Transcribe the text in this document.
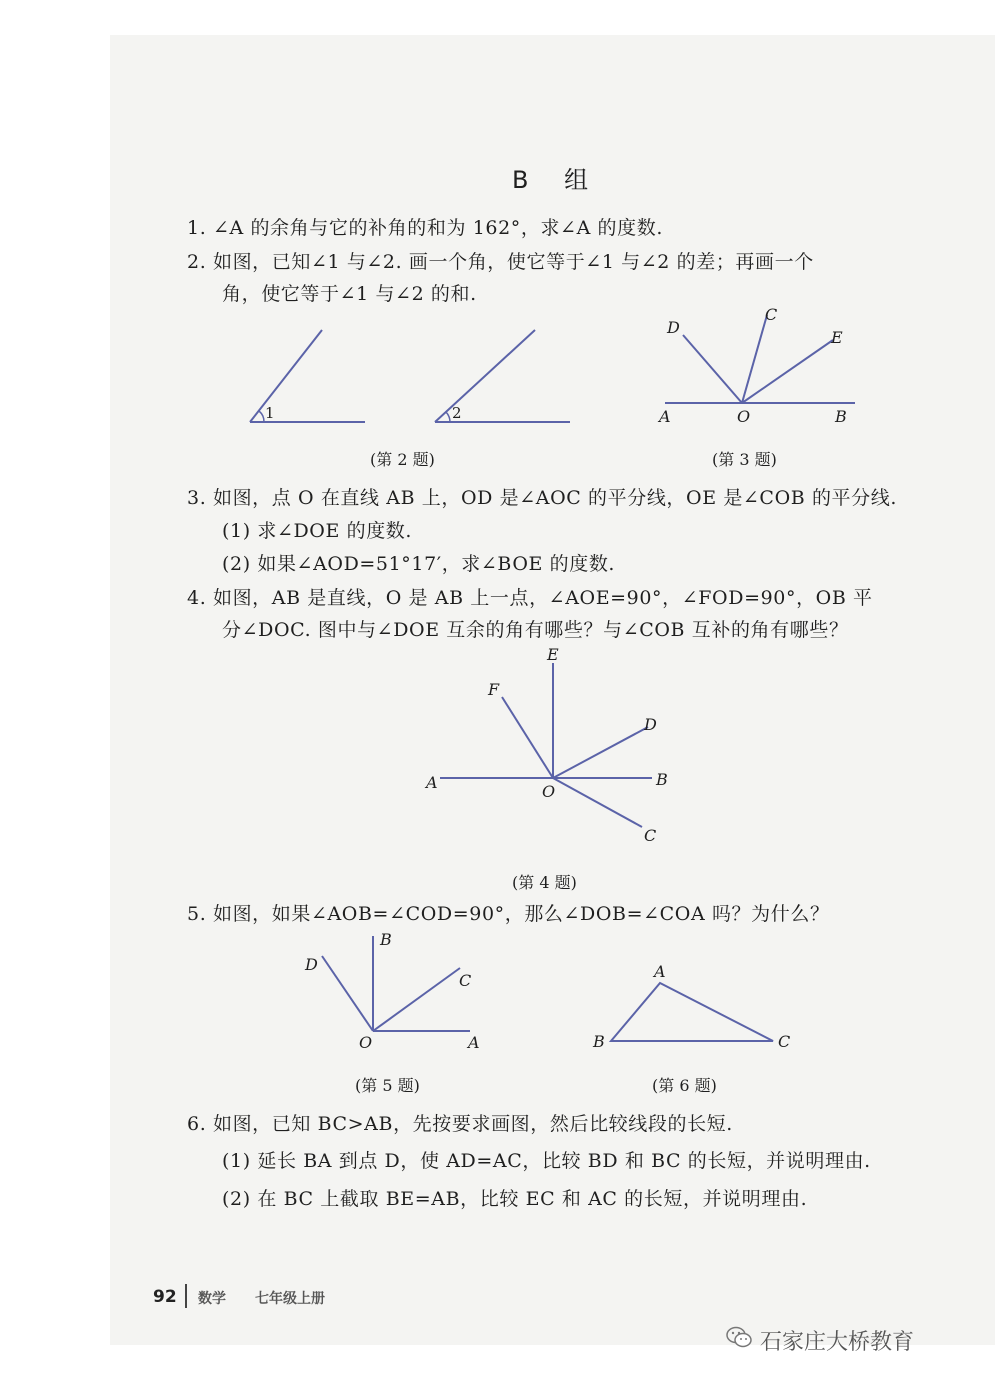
B 组
1. ∠A 的余角与它的补角的和为 162°，求∠A 的度数.
2. 如图，已知∠1 与∠2. 画一个角，使它等于∠1 与∠2 的差；再画一个
角，使它等于∠1 与∠2 的和.
1	2
(第 2 题)
A	O	B
D
C
E
(第 3 题)
3. 如图，点 O 在直线 AB 上，OD 是∠AOC 的平分线，OE 是∠COB 的平分线.
(1) 求∠DOE 的度数.
(2) 如果∠AOD=51°17′，求∠BOE 的度数.
4. 如图，AB 是直线，O 是 AB 上一点，∠AOE=90°，∠FOD=90°，OB 平
分∠DOC. 图中与∠DOE 互余的角有哪些？与∠COB 互补的角有哪些？
E
F
D
A	O
B
C
(第 4 题)
5. 如图，如果∠AOB=∠COD=90°，那么∠DOB=∠COA 吗？为什么？
B
D
C
O	A
(第 5 题)
A
B	C
(第 6 题)
6. 如图，已知 BC>AB，先按要求画图，然后比较线段的长短.
(1) 延长 BA 到点 D，使 AD=AC，比较 BD 和 BC 的长短，并说明理由.
(2) 在 BC 上截取 BE=AB，比较 EC 和 AC 的长短，并说明理由.
92 数学 七年级上册
石家庄大桥教育
